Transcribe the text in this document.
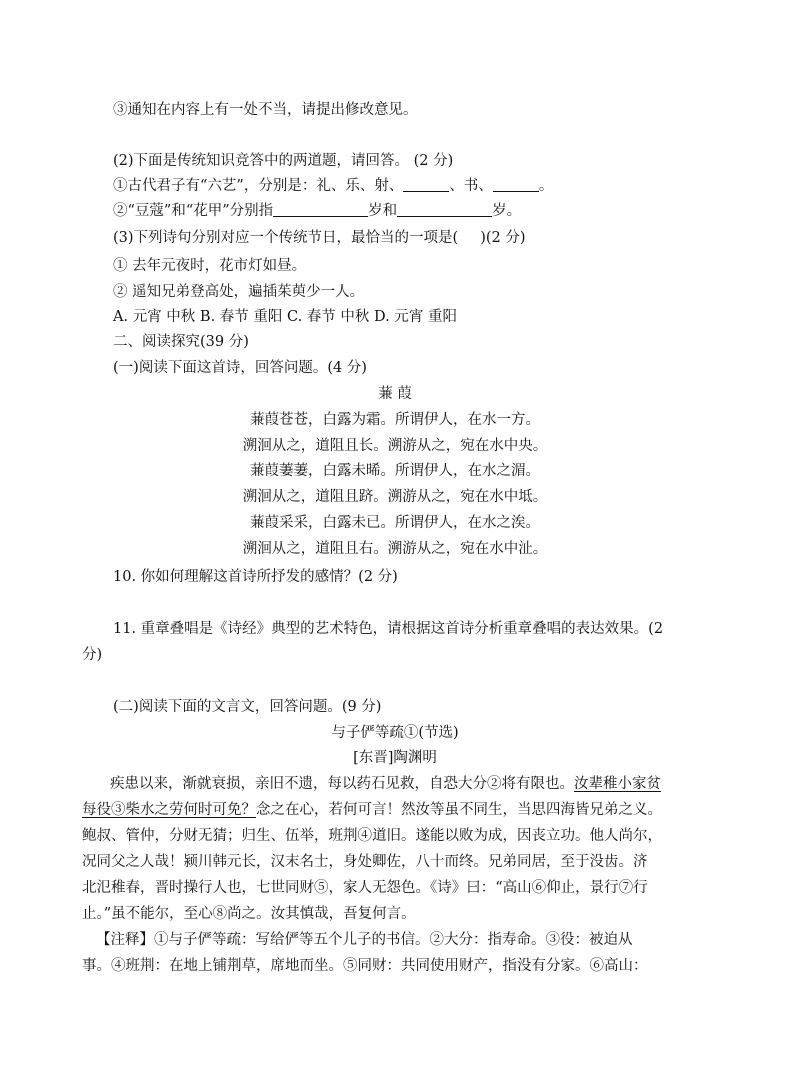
③通知在内容上有一处不当，请提出修改意见。
(2)下面是传统知识竞答中的两道题，请回答。 (2 分)
①古代君子有“六艺”，分别是：礼、乐、射、	、书、	。
②“豆蔻”和“花甲”分别指	岁和	岁。
(3)下列诗句分别对应一个传统节日，最恰当的一项是( )(2 分)
① 去年元夜时，花市灯如昼。
② 遥知兄弟登高处，遍插茱萸少一人。
A. 元宵 中秋 B. 春节 重阳 C. 春节 中秋 D. 元宵 重阳
二、阅读探究(39 分)
(一)阅读下面这首诗，回答问题。(4 分)
蒹 葭
蒹葭苍苍，白露为霜。所谓伊人，在水一方。
溯洄从之，道阻且长。溯游从之，宛在水中央。
蒹葭萋萋，白露未晞。所谓伊人，在水之湄。
溯洄从之，道阻且跻。溯游从之，宛在水中坻。
蒹葭采采，白露未已。所谓伊人，在水之涘。
溯洄从之，道阻且右。溯游从之，宛在水中沚。
10. 你如何理解这首诗所抒发的感情？(2 分)
11. 重章叠唱是《诗经》典型的艺术特色，请根据这首诗分析重章叠唱的表达效果。(2
分)
(二)阅读下面的文言文，回答问题。(9 分)
与子俨等疏①(节选)
[东晋]陶渊明
疾患以来，渐就衰损，亲旧不遗，每以药石见救，自恐大分②将有限也。汝辈稚小家贫
每役③柴水之劳何时可免？念之在心，若何可言！然汝等虽不同生，当思四海皆兄弟之义。
鲍叔、管仲，分财无猜；归生、伍举，班荆④道旧。遂能以败为成，因丧立功。他人尚尔，
况同父之人哉！颍川韩元长，汉末名士，身处卿佐，八十而终。兄弟同居，至于没齿。济
北氾稚春，晋时操行人也，七世同财⑤，家人无怨色。《诗》曰：“高山⑥仰止，景行⑦行
止。”虽不能尔，至心⑧尚之。汝其慎哉，吾复何言。
【注释】①与子俨等疏：写给俨等五个儿子的书信。②大分：指寿命。③役：被迫从
事。④班荆：在地上铺荆草，席地而坐。⑤同财：共同使用财产，指没有分家。⑥高山：
